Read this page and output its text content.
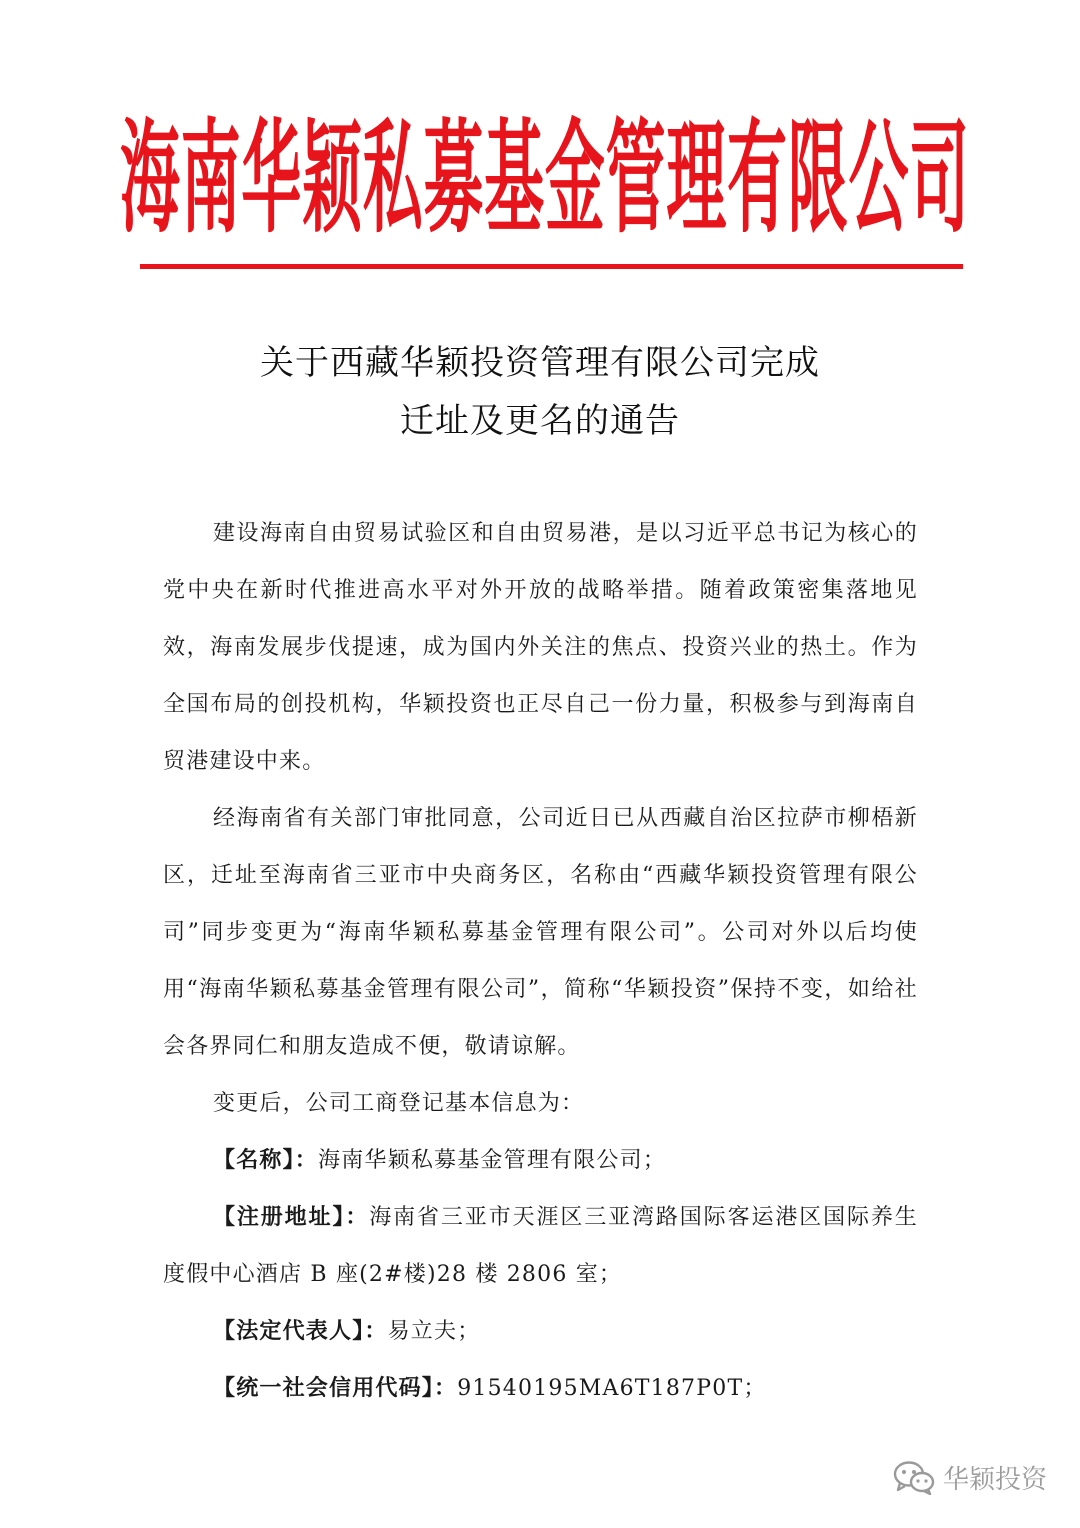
海南华颖私募基金管理有限公司
关于西藏华颖投资管理有限公司完成
迁址及更名的通告

建设海南自由贸易试验区和自由贸易港，是以习近平总书记为核心的党中央在新时代推进高水平对外开放的战略举措。随着政策密集落地见效，海南发展步伐提速，成为国内外关注的焦点、投资兴业的热土。作为全国布局的创投机构，华颖投资也正尽自己一份力量，积极参与到海南自贸港建设中来。

经海南省有关部门审批同意，公司近日已从西藏自治区拉萨市柳梧新区，迁址至海南省三亚市中央商务区，名称由“西藏华颖投资管理有限公司”同步变更为“海南华颖私募基金管理有限公司”。公司对外以后均使用“海南华颖私募基金管理有限公司”，简称“华颖投资”保持不变，如给社会各界同仁和朋友造成不便，敬请谅解。

变更后，公司工商登记基本信息为：

【名称】：海南华颖私募基金管理有限公司；

【注册地址】：海南省三亚市天涯区三亚湾路国际客运港区国际养生度假中心酒店 B 座(2#楼)28 楼 2806 室；

【法定代表人】：易立夫；

【统一社会信用代码】：91540195MA6T187P0T；

华颖投资
